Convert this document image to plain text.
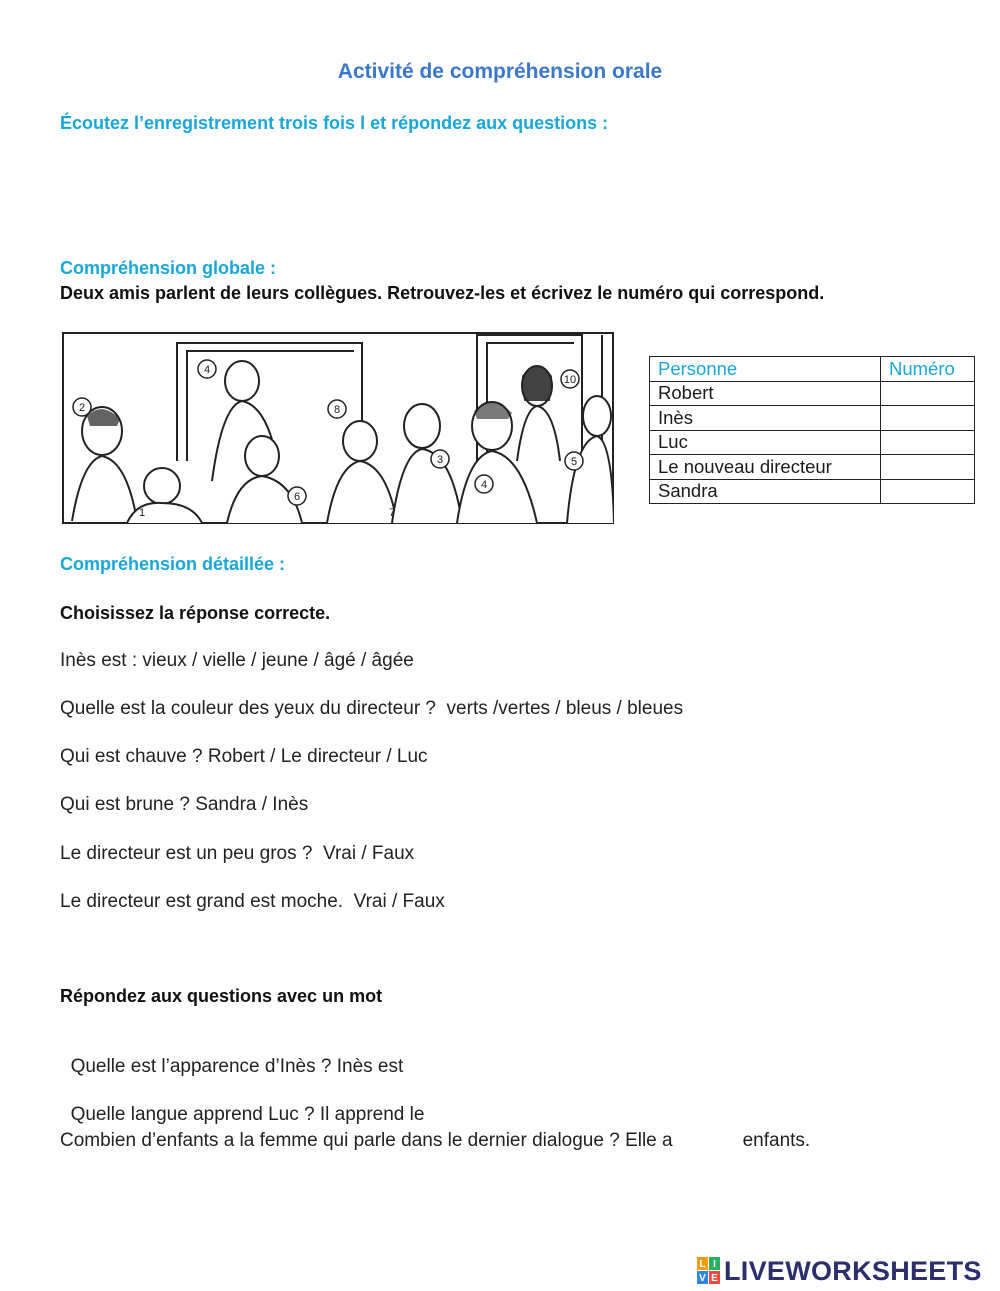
Activité de compréhension orale
Écoutez l’enregistrement trois fois l et répondez aux questions :
Compréhension globale :
Deux amis parlent de leurs collègues. Retrouvez-les et écrivez le numéro qui correspond.
2
4
6
8
3
4
5
10
1	7
Personne	Numéro
Robert	
Inès	
Luc	
Le nouveau directeur	
Sandra	
Compréhension détaillée :
Choisissez la réponse correcte.
Inès est : vieux / vielle / jeune / âgé / âgée
Quelle est la couleur des yeux du directeur ?  verts /vertes / bleus / bleues
Qui est chauve ? Robert / Le directeur / Luc
Qui est brune ? Sandra / Inès
Le directeur est un peu gros ?  Vrai / Faux
Le directeur est grand est moche.  Vrai / Faux
Répondez aux questions avec un mot

Quelle est l’apparence d’Inès ? Inès est

Quelle langue apprend Luc ? Il apprend le

Combien d’enfants a la femme qui parle dans le dernier dialogue ? Elle a	enfants.
L I
V E LIVEWORKSHEETS
